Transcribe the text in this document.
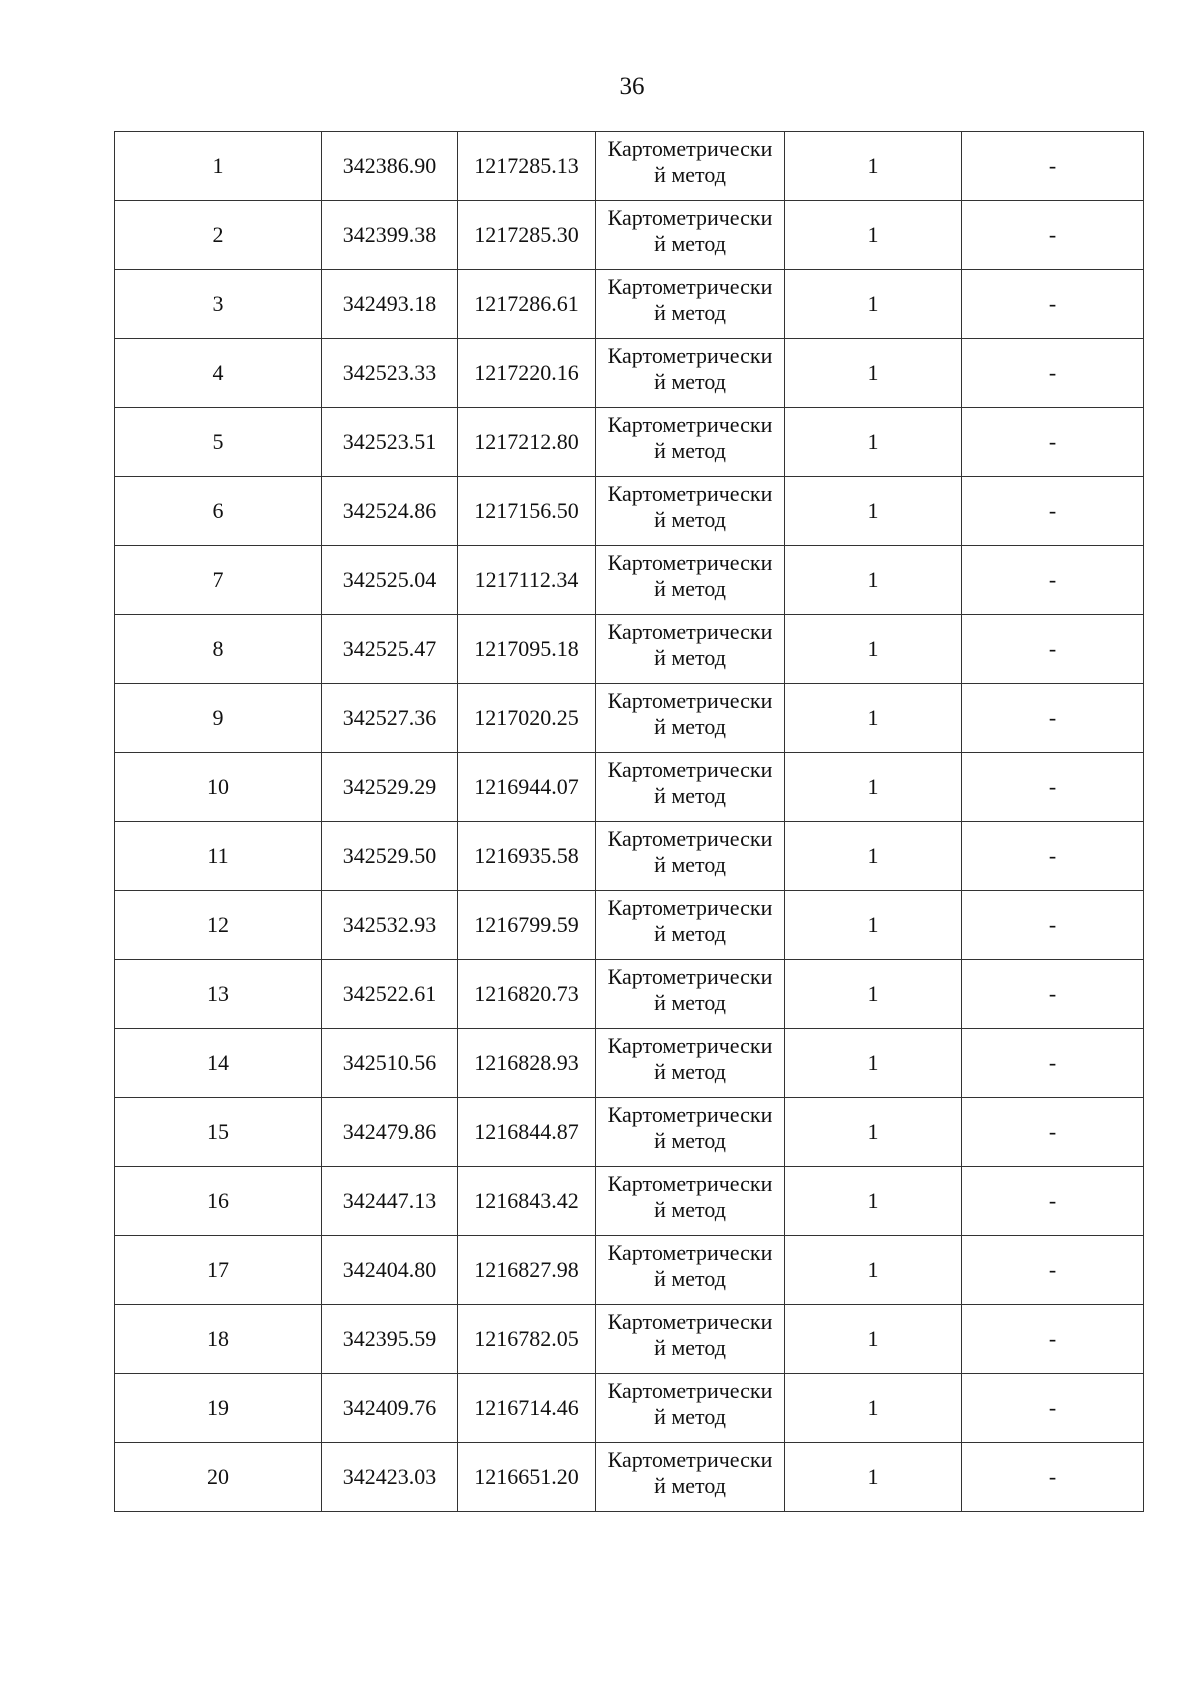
36
1	342386.90	1217285.13	Картометрически
й метод	1	-
2	342399.38	1217285.30	Картометрически
й метод	1	-
3	342493.18	1217286.61	Картометрически
й метод	1	-
4	342523.33	1217220.16	Картометрически
й метод	1	-
5	342523.51	1217212.80	Картометрически
й метод	1	-
6	342524.86	1217156.50	Картометрически
й метод	1	-
7	342525.04	1217112.34	Картометрически
й метод	1	-
8	342525.47	1217095.18	Картометрически
й метод	1	-
9	342527.36	1217020.25	Картометрически
й метод	1	-
10	342529.29	1216944.07	Картометрически
й метод	1	-
11	342529.50	1216935.58	Картометрически
й метод	1	-
12	342532.93	1216799.59	Картометрически
й метод	1	-
13	342522.61	1216820.73	Картометрически
й метод	1	-
14	342510.56	1216828.93	Картометрически
й метод	1	-
15	342479.86	1216844.87	Картометрически
й метод	1	-
16	342447.13	1216843.42	Картометрически
й метод	1	-
17	342404.80	1216827.98	Картометрически
й метод	1	-
18	342395.59	1216782.05	Картометрически
й метод	1	-
19	342409.76	1216714.46	Картометрически
й метод	1	-
20	342423.03	1216651.20	Картометрически
й метод	1	-
